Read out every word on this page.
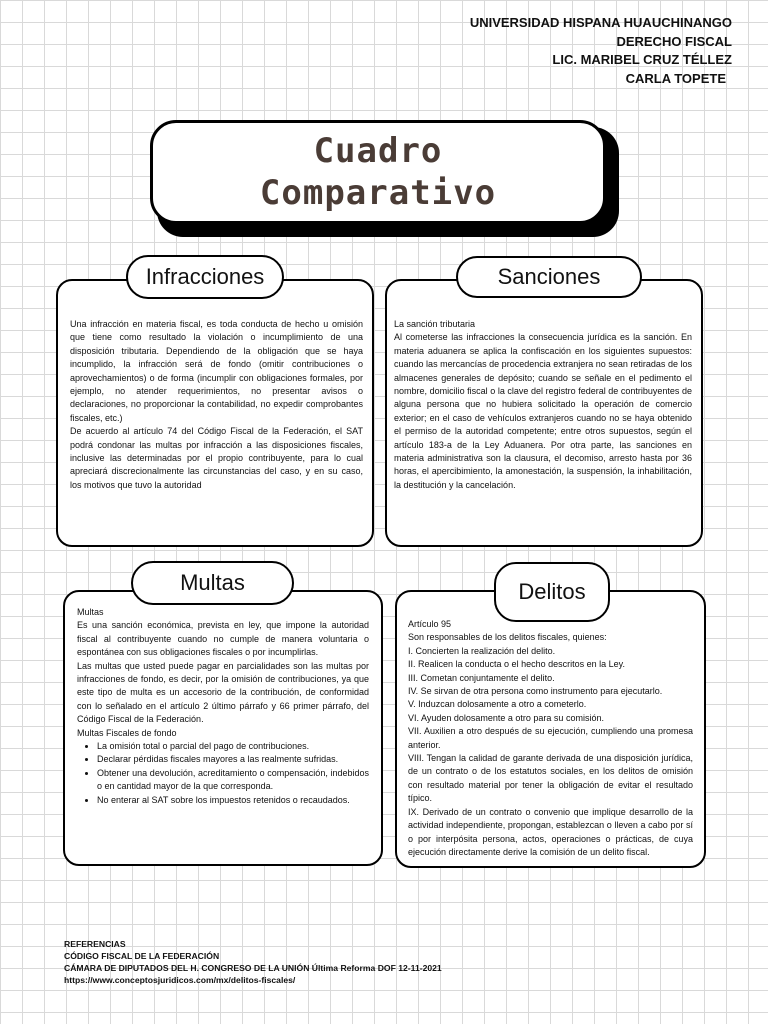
UNIVERSIDAD HISPANA HUAUCHINANGO
DERECHO FISCAL
LIC. MARIBEL CRUZ TÉLLEZ
CARLA TOPETE
Cuadro
Comparativo
Infracciones

Una infracción en materia fiscal, es toda conducta de hecho u omisión que tiene como resultado la violación o incumplimiento de una disposición tributaria. Dependiendo de la obligación que se haya incumplido, la infracción será de fondo (omitir contribuciones o aprovechamientos) o de forma (incumplir con obligaciones formales, por ejemplo, no atender requerimientos, no presentar avisos o declaraciones, no proporcionar la contabilidad, no expedir comprobantes fiscales, etc.)

De acuerdo al artículo 74 del Código Fiscal de la Federación, el SAT podrá condonar las multas por infracción a las disposiciones fiscales, inclusive las determinadas por el propio contribuyente, para lo cual apreciará discrecionalmente las circunstancias del caso, y en su caso, los motivos que tuvo la autoridad

Sanciones

La sanción tributaria

Al cometerse las infracciones la consecuencia jurídica es la sanción. En materia aduanera se aplica la confiscación en los siguientes supuestos: cuando las mercancías de procedencia extranjera no sean retiradas de los almacenes generales de depósito; cuando se señale en el pedimento el nombre, domicilio fiscal o la clave del registro federal de contribuyentes de alguna persona que no hubiera solicitado la operación de comercio exterior; en el caso de vehículos extranjeros cuando no se haya obtenido el permiso de la autoridad competente; entre otros supuestos, según el artículo 183-a de la Ley Aduanera. Por otra parte, las sanciones en materia administrativa son la clausura, el decomiso, arresto hasta por 36 horas, el apercibimiento, la amonestación, la suspensión, la inhabilitación, la destitución y la cancelación.

Multas

Multas

Es una sanción económica, prevista en ley, que impone la autoridad fiscal al contribuyente cuando no cumple de manera voluntaria o espontánea con sus obligaciones fiscales o por incumplirlas.

Las multas que usted puede pagar en parcialidades son las multas por infracciones de fondo, es decir, por la omisión de contribuciones, ya que este tipo de multa es un accesorio de la contribución, de conformidad con lo señalado en el artículo 2 último párrafo y 66 primer párrafo, del Código Fiscal de la Federación.

Multas Fiscales de fondo

• La omisión total o parcial del pago de contribuciones.
• Declarar pérdidas fiscales mayores a las realmente sufridas.
• Obtener una devolución, acreditamiento o compensación, indebidos o en cantidad mayor de la que corresponda.
• No enterar al SAT sobre los impuestos retenidos o recaudados.
Delitos

Artículo 95

Son responsables de los delitos fiscales, quienes:

I. Concierten la realización del delito.

II. Realicen la conducta o el hecho descritos en la Ley.

III. Cometan conjuntamente el delito.

IV. Se sirvan de otra persona como instrumento para ejecutarlo.

V. Induzcan dolosamente a otro a cometerlo.

VI. Ayuden dolosamente a otro para su comisión.

VII. Auxilien a otro después de su ejecución, cumpliendo una promesa anterior.

VIII. Tengan la calidad de garante derivada de una disposición jurídica, de un contrato o de los estatutos sociales, en los delitos de omisión con resultado material por tener la obligación de evitar el resultado típico.

IX. Derivado de un contrato o convenio que implique desarrollo de la actividad independiente, propongan, establezcan o lleven a cabo por sí o por interpósita persona, actos, operaciones o prácticas, de cuya ejecución directamente derive la comisión de un delito fiscal.

REFERENCIAS
CÓDIGO FISCAL DE LA FEDERACIÓN
CÁMARA DE DIPUTADOS DEL H. CONGRESO DE LA UNIÓN Última Reforma DOF 12-11-2021
https://www.conceptosjuridicos.com/mx/delitos-fiscales/
